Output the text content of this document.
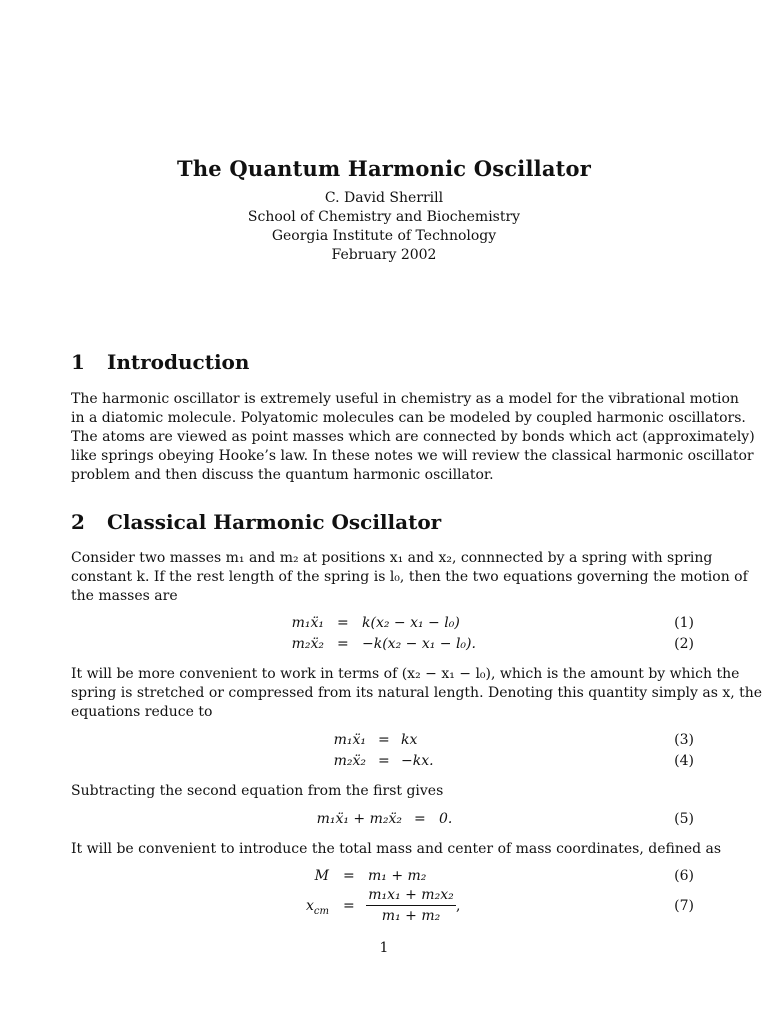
The Quantum Harmonic Oscillator
C. David Sherrill
School of Chemistry and Biochemistry
Georgia Institute of Technology
February 2002
1 Introduction
The harmonic oscillator is extremely useful in chemistry as a model for the vibrational motion
in a diatomic molecule. Polyatomic molecules can be modeled by coupled harmonic oscillators.
The atoms are viewed as point masses which are connected by bonds which act (approximately)
like springs obeying Hooke’s law. In these notes we will review the classical harmonic oscillator
problem and then discuss the quantum harmonic oscillator.
2 Classical Harmonic Oscillator
Consider two masses m₁ and m₂ at positions x₁ and x₂, connnected by a spring with spring
constant k. If the rest length of the spring is l₀, then the two equations governing the motion of
the masses are
m₁ẍ₁ = k(x₂ − x₁ − l₀)	(1)
m₂ẍ₂ = −k(x₂ − x₁ − l₀).	(2)
It will be more convenient to work in terms of (x₂ − x₁ − l₀), which is the amount by which the
spring is stretched or compressed from its natural length. Denoting this quantity simply as x, the
equations reduce to
m₁ẍ₁ = kx	(3)
m₂ẍ₂ = −kx.	(4)
Subtracting the second equation from the first gives
m₁ẍ₁ + m₂ẍ₂ = 0.	(5)
It will be convenient to introduce the total mass and center of mass coordinates, defined as
M = m₁ + m₂	(6)
$x_{cm}$ =	(7)
m₁x₁ + m₂x₂
m₁ + m₂
,
1
